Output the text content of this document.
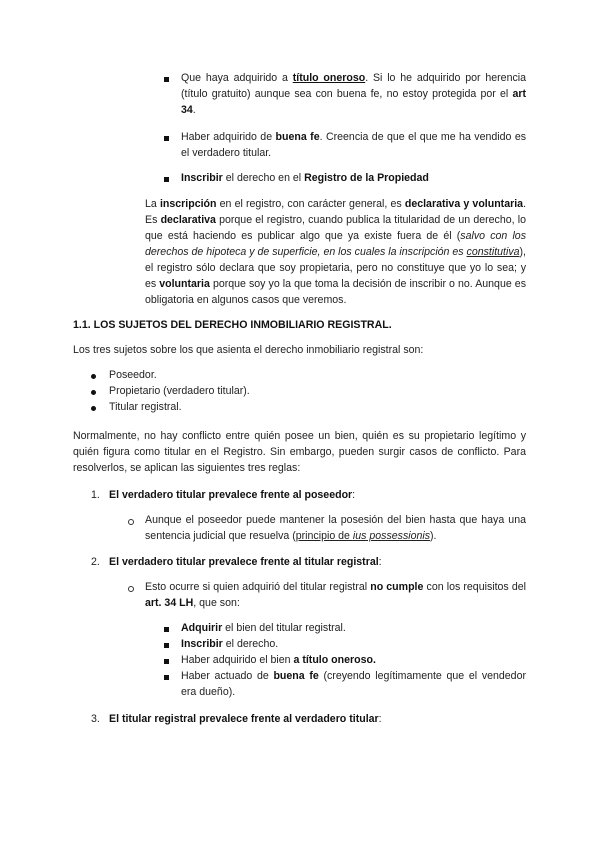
Que haya adquirido a título oneroso. Si lo he adquirido por herencia (título gratuito) aunque sea con buena fe, no estoy protegida por el art 34.
Haber adquirido de buena fe. Creencia de que el que me ha vendido es el verdadero titular.
Inscribir el derecho en el Registro de la Propiedad
La inscripción en el registro, con carácter general, es declarativa y voluntaria. Es declarativa porque el registro, cuando publica la titularidad de un derecho, lo que está haciendo es publicar algo que ya existe fuera de él (salvo con los derechos de hipoteca y de superficie, en los cuales la inscripción es constitutiva), el registro sólo declara que soy propietaria, pero no constituye que yo lo sea; y es voluntaria porque soy yo la que toma la decisión de inscribir o no. Aunque es obligatoria en algunos casos que veremos.
1.1. LOS SUJETOS DEL DERECHO INMOBILIARIO REGISTRAL.
Los tres sujetos sobre los que asienta el derecho inmobiliario registral son:
Poseedor.
Propietario (verdadero titular).
Titular registral.
Normalmente, no hay conflicto entre quién posee un bien, quién es su propietario legítimo y quién figura como titular en el Registro. Sin embargo, pueden surgir casos de conflicto. Para resolverlos, se aplican las siguientes tres reglas:
1. El verdadero titular prevalece frente al poseedor:
Aunque el poseedor puede mantener la posesión del bien hasta que haya una sentencia judicial que resuelva (principio de ius possessionis).
2. El verdadero titular prevalece frente al titular registral:
Esto ocurre si quien adquirió del titular registral no cumple con los requisitos del art. 34 LH, que son:
Adquirir el bien del titular registral.
Inscribir el derecho.
Haber adquirido el bien a título oneroso.
Haber actuado de buena fe (creyendo legítimamente que el vendedor era dueño).
3. El titular registral prevalece frente al verdadero titular:
